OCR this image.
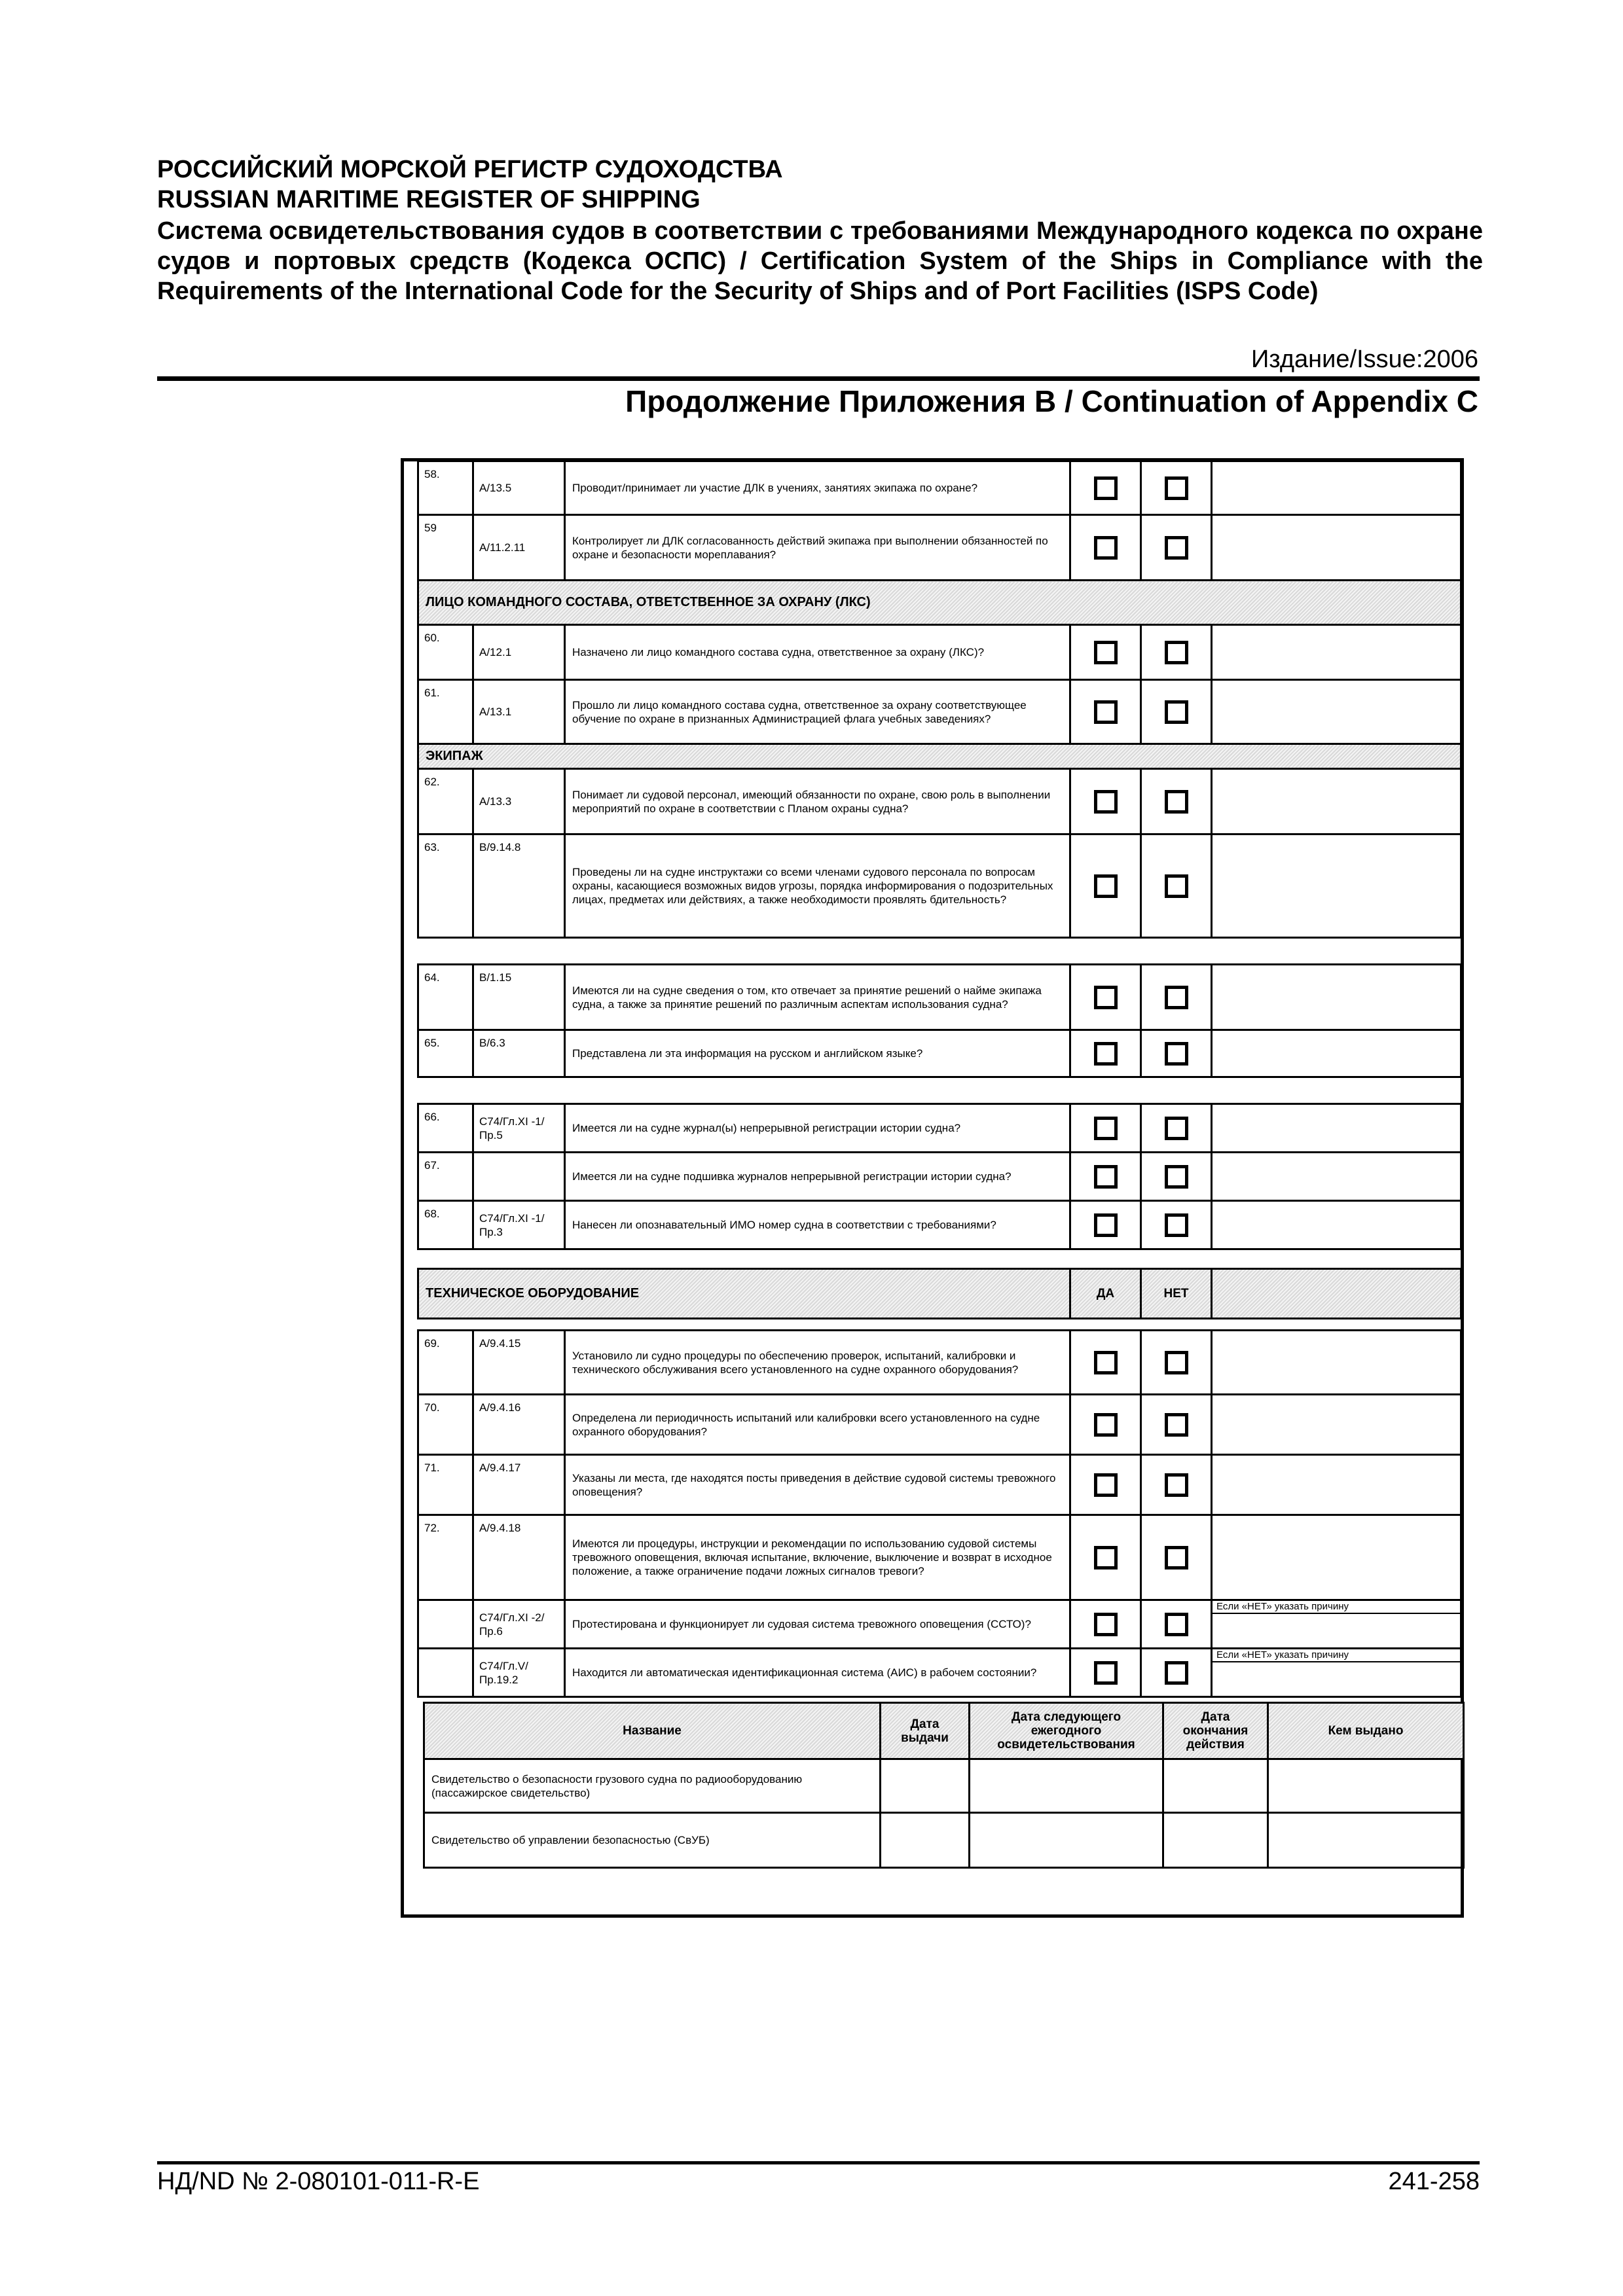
РОССИЙСКИЙ МОРСКОЙ РЕГИСТР СУДОХОДСТВА
RUSSIAN MARITIME REGISTER OF SHIPPING
Система освидетельствования судов в соответствии с требованиями Международного кодекса по охране судов и портовых средств (Кодекса ОСПС) / Certification System of the Ships in Compliance with the Requirements of the International Code for the Security of Ships and of Port Facilities (ISPS Code)
Издание/Issue:2006
Продолжение Приложения B / Continuation of Appendix C
58.	A/13.5	Проводит/принимает ли участие ДЛК в учениях, занятиях экипажа по охране?			
59	A/11.2.11	Контролирует ли ДЛК согласованность действий экипажа при выполнении обязанностей по охране и безопасности мореплавания?			
ЛИЦО КОМАНДНОГО СОСТАВА, ОТВЕТСТВЕННОЕ ЗА ОХРАНУ (ЛКС)					
60.	A/12.1	Назначено ли лицо командного состава судна, ответственное за охрану (ЛКС)?			
61.	A/13.1	Прошло ли лицо командного состава судна, ответственное за охрану соответствующее обучение по охране в признанных Администрацией флага учебных заведениях?			
ЭКИПАЖ					
62.	A/13.3	Понимает ли судовой персонал, имеющий обязанности по охране, свою роль в выполнении мероприятий по охране в соответствии с Планом охраны судна?			
63.	B/9.14.8	Проведены ли на судне инструктажи со всеми членами судового персонала по вопросам охраны, касающиеся возможных видов угрозы, порядка информирования о подозрительных лицах, предметах или действиях, а также необходимости проявлять бдительность?			
64.	B/1.15	Имеются ли на судне сведения о том, кто отвечает за принятие решений о найме экипажа судна, а также за принятие решений по различным аспектам использования судна?			
65.	B/6.3	Представлена ли эта информация на русском и английском языке?			
66.	C74/Гл.XI -1/Пр.5	Имеется ли на судне журнал(ы) непрерывной регистрации истории судна?			
67.		Имеется ли на судне подшивка журналов непрерывной регистрации истории судна?			
68.	C74/Гл.XI -1/Пр.3	Нанесен ли опознавательный ИМО номер судна в соответствии с требованиями?			
ТЕХНИЧЕСКОЕ ОБОРУДОВАНИЕ			ДА	НЕТ	

69.	A/9.4.15	Установило ли судно процедуры по обеспечению проверок, испытаний, калибровки и технического обслуживания всего установленного на судне охранного оборудования?			
70.	A/9.4.16	Определена ли периодичность испытаний или калибровки всего установленного на судне охранного оборудования?			
71.	A/9.4.17	Указаны ли места, где находятся посты приведения в действие судовой системы тревожного оповещения?			
72.	A/9.4.18	Имеются ли процедуры, инструкции и рекомендации по использованию судовой системы тревожного оповещения, включая испытание, включение, выключение и возврат в исходное положение, а также ограничение подачи ложных сигналов тревоги?			
	C74/Гл.XI -2/Пр.6	Протестирована и функционирует ли судовая система тревожного оповещения (ССТО)?			Если «НЕТ» указать причину

	C74/Гл.V/ Пр.19.2	Находится ли автоматическая идентификационная система (АИС) в рабочем состоянии?			Если «НЕТ» указать причину
Название	Дата выдачи	Дата следующего ежегодного освидетельствования	Дата окончания действия	Кем выдано
Свидетельство о безопасности грузового судна по радиооборудованию (пассажирское свидетельство)				
Свидетельство об управлении безопасностью (СвУБ)				
НД/ND № 2-080101-011-R-E	241-258
